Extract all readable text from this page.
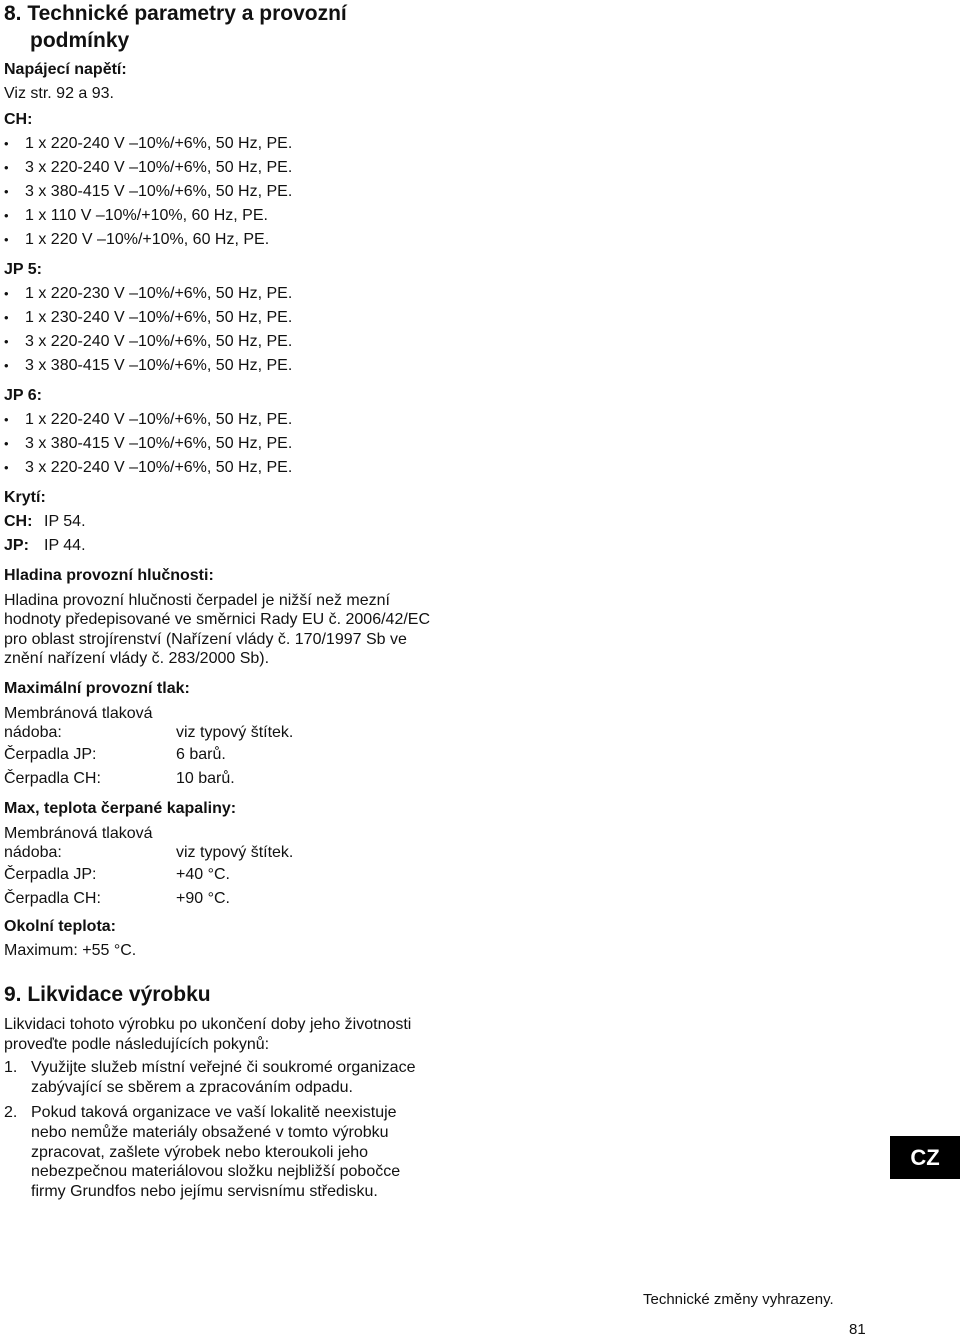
8. Technické parametry a provozní podmínky
Napájecí napětí:
Viz str. 92 a 93.
CH:
• 1 x 220-240 V –10%/+6%, 50 Hz, PE.
• 3 x 220-240 V –10%/+6%, 50 Hz, PE.
• 3 x 380-415 V –10%/+6%, 50 Hz, PE.
• 1 x 110 V –10%/+10%, 60 Hz, PE.
• 1 x 220 V –10%/+10%, 60 Hz, PE.
JP 5:
• 1 x 220-230 V –10%/+6%, 50 Hz, PE.
• 1 x 230-240 V –10%/+6%, 50 Hz, PE.
• 3 x 220-240 V –10%/+6%, 50 Hz, PE.
• 3 x 380-415 V –10%/+6%, 50 Hz, PE.
JP 6:
• 1 x 220-240 V –10%/+6%, 50 Hz, PE.
• 3 x 380-415 V –10%/+6%, 50 Hz, PE.
• 3 x 220-240 V –10%/+6%, 50 Hz, PE.
Krytí:
CH: IP 54.
JP: IP 44.
Hladina provozní hlučnosti:
Hladina provozní hlučnosti čerpadel je nižší než mezní hodnoty předepisované ve směrnici Rady EU č. 2006/42/EC pro oblast strojírenství (Nařízení vlády č. 170/1997 Sb ve znění nařízení vlády č. 283/2000 Sb).
Maximální provozní tlak:
Membránová tlaková
nádoba:	viz typový štítek.
Čerpadla JP:	6 barů.
Čerpadla CH:	10 barů.
Max, teplota čerpané kapaliny:
Membránová tlaková
nádoba:	viz typový štítek.
Čerpadla JP:	+40 °C.
Čerpadla CH:	+90 °C.
Okolní teplota:
Maximum: +55 °C.
9. Likvidace výrobku
Likvidaci tohoto výrobku po ukončení doby jeho životnosti proveďte podle následujících pokynů:
1. Využijte služeb místní veřejné či soukromé organizace zabývající se sběrem a zpracováním odpadu.
2. Pokud taková organizace ve vaší lokalitě neexistuje nebo nemůže materiály obsažené v tomto výrobku zpracovat, zašlete výrobek nebo kteroukoli jeho nebezpečnou materiálovou složku nejbližší pobočce firmy Grundfos nebo jejímu servisnímu středisku.
CZ
Technické změny vyhrazeny.
81
